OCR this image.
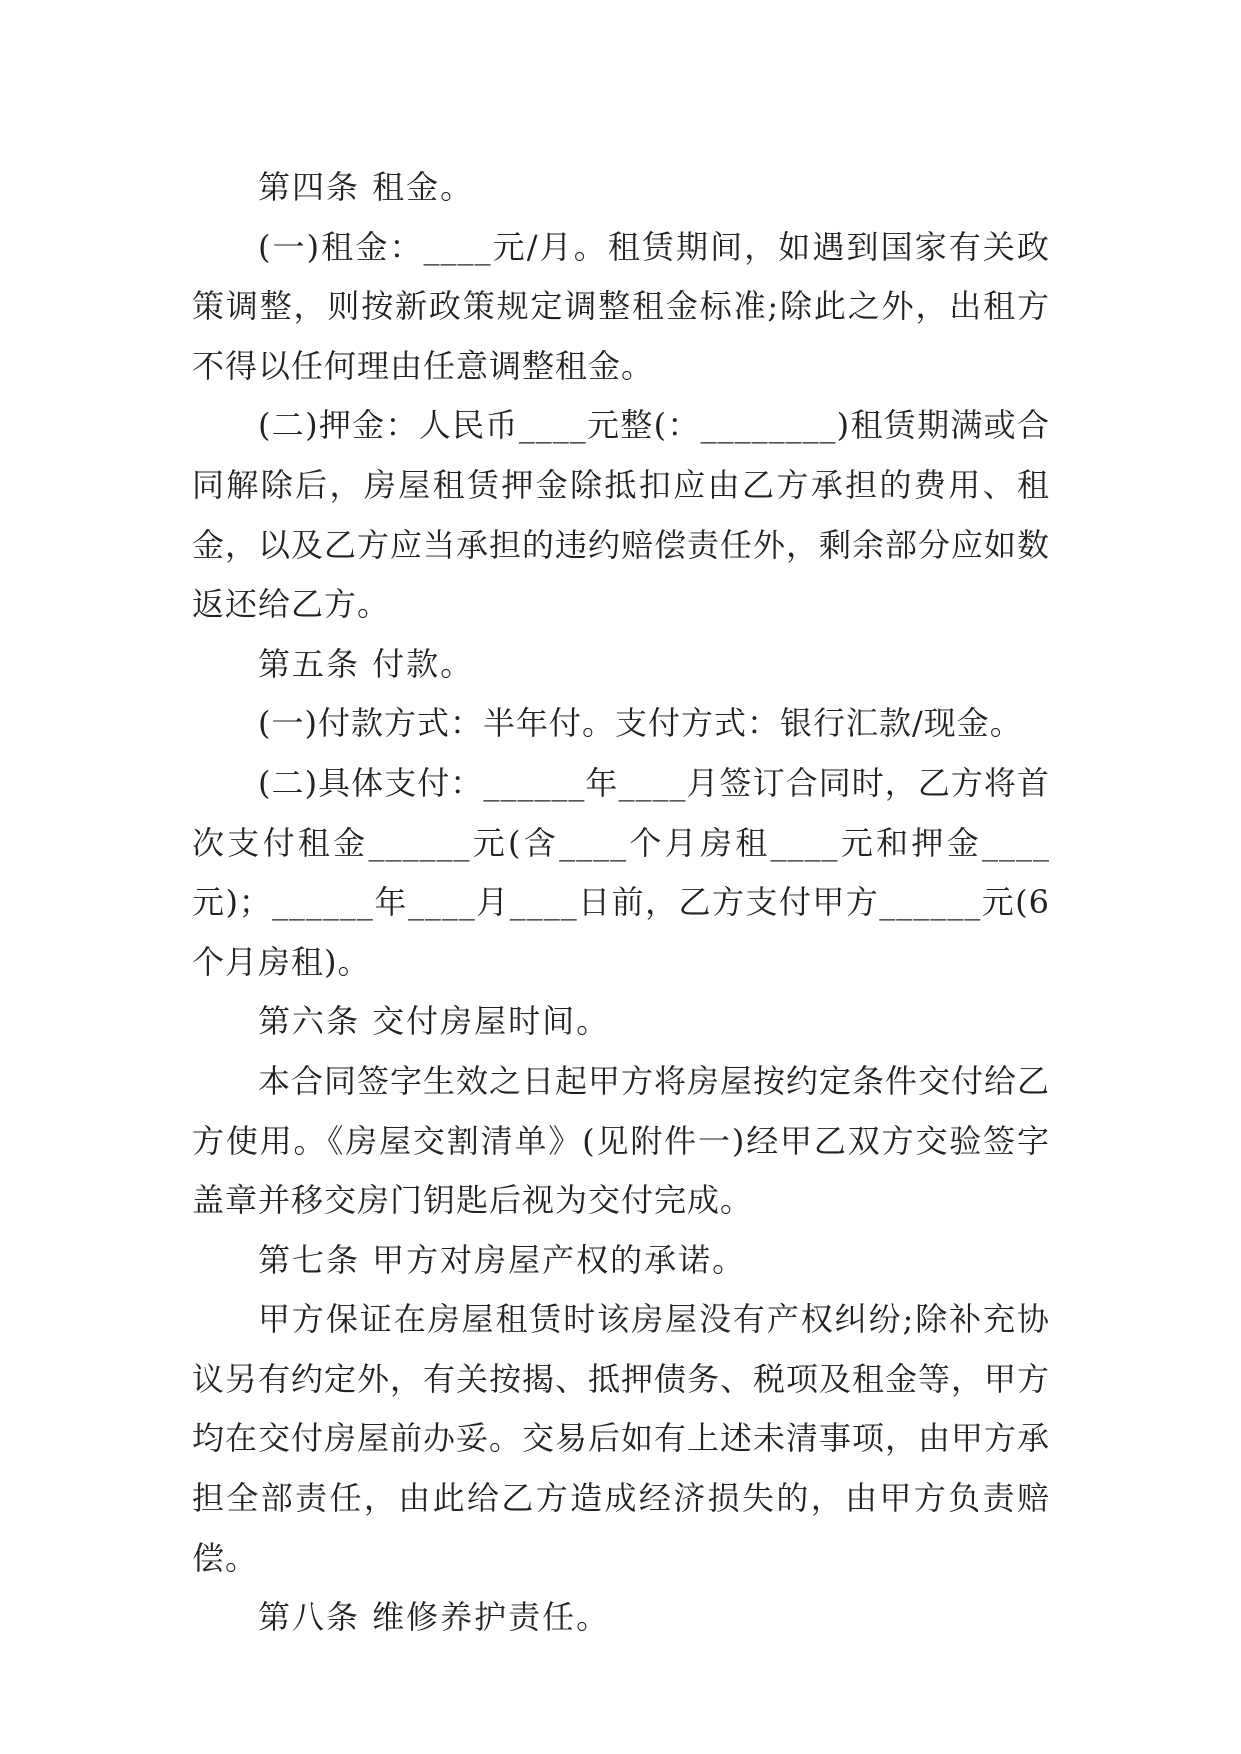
第四条 租金。

(一)租金：____元/月。租赁期间，如遇到国家有关政策调整，则按新政策规定调整租金标准;除此之外，出租方不得以任何理由任意调整租金。

(二)押金：人民币____元整(：________)租赁期满或合同解除后，房屋租赁押金除抵扣应由乙方承担的费用、租金，以及乙方应当承担的违约赔偿责任外，剩余部分应如数返还给乙方。

第五条 付款。

(一)付款方式：半年付。支付方式：银行汇款/现金。

(二)具体支付：______年____月签订合同时，乙方将首次支付租金______元(含____个月房租____元和押金____元)；______年____月____日前，乙方支付甲方______元(6个月房租)。

第六条 交付房屋时间。

本合同签字生效之日起甲方将房屋按约定条件交付给乙方使用。《房屋交割清单》(见附件一)经甲乙双方交验签字盖章并移交房门钥匙后视为交付完成。

第七条 甲方对房屋产权的承诺。

甲方保证在房屋租赁时该房屋没有产权纠纷;除补充协议另有约定外，有关按揭、抵押债务、税项及租金等，甲方均在交付房屋前办妥。交易后如有上述未清事项，由甲方承担全部责任，由此给乙方造成经济损失的，由甲方负责赔偿。

第八条 维修养护责任。
